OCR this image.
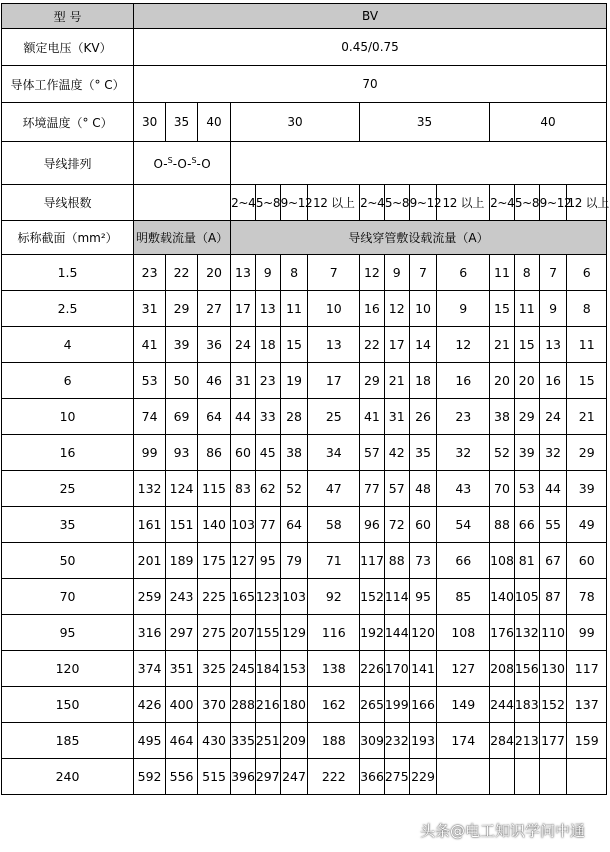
型 号	BV														
额定电压（KV）	0.45/0.75														
导体工作温度（° C）	70														
环境温度（° C）	30	35	40	30				35				40			
导线排列	O-$^S$-O-$^S$-O														
导线根数				2~4	5~8	9~12	12 以上	2~4	5~8	9~12	12 以上	2~4	5~8	9~12	12 以上
标称截面（mm²）	明敷载流量（A）			导线穿管敷设载流量（A）											
1.5	23	22	20	13	9	8	7	12	9	7	6	11	8	7	6
2.5	31	29	27	17	13	11	10	16	12	10	9	15	11	9	8
4	41	39	36	24	18	15	13	22	17	14	12	21	15	13	11
6	53	50	46	31	23	19	17	29	21	18	16	20	20	16	15
10	74	69	64	44	33	28	25	41	31	26	23	38	29	24	21
16	99	93	86	60	45	38	34	57	42	35	32	52	39	32	29
25	132	124	115	83	62	52	47	77	57	48	43	70	53	44	39
35	161	151	140	103	77	64	58	96	72	60	54	88	66	55	49
50	201	189	175	127	95	79	71	117	88	73	66	108	81	67	60
70	259	243	225	165	123	103	92	152	114	95	85	140	105	87	78
95	316	297	275	207	155	129	116	192	144	120	108	176	132	110	99
120	374	351	325	245	184	153	138	226	170	141	127	208	156	130	117
150	426	400	370	288	216	180	162	265	199	166	149	244	183	152	137
185	495	464	430	335	251	209	188	309	232	193	174	284	213	177	159
240	592	556	515	396	297	247	222	366	275	229					
头条@电工知识学问中通
